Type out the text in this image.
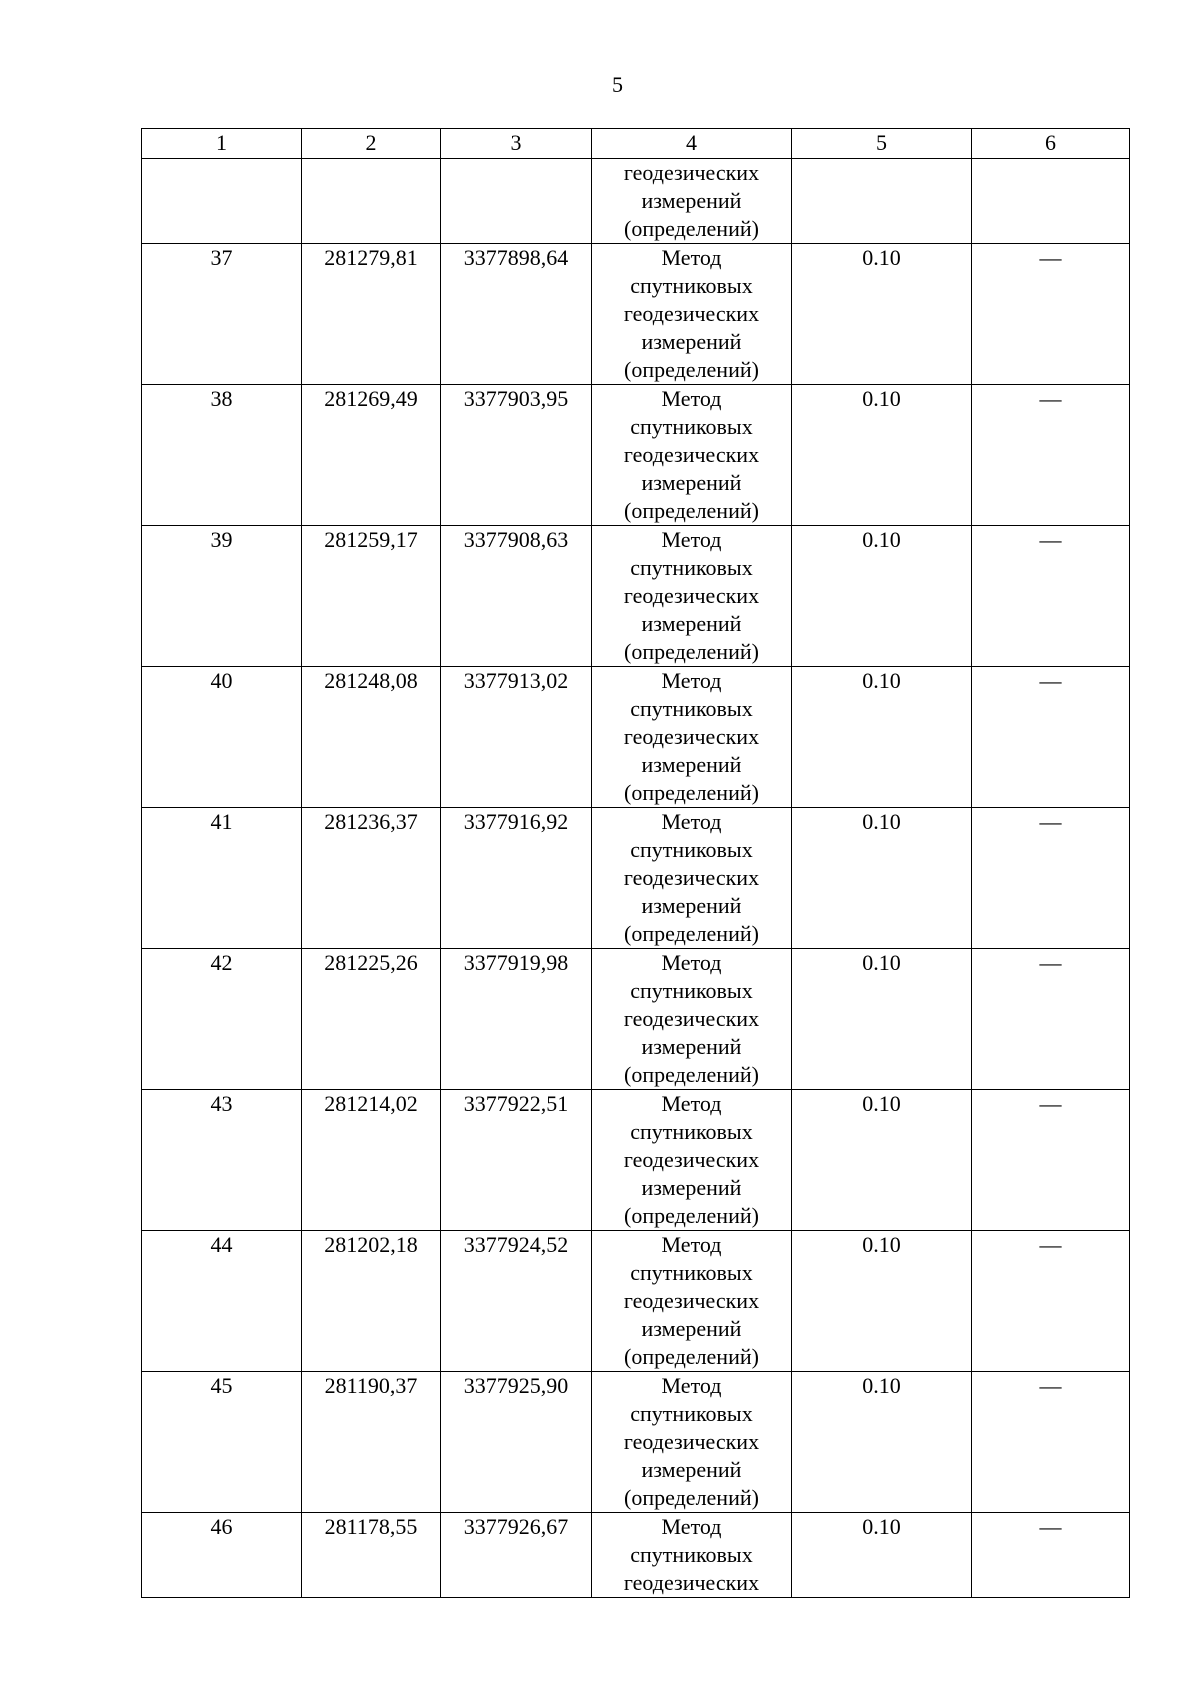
5
1	2	3	4	5	6

			геодезических
измерений
(определений)		

37	281279,81	3377898,64	Метод
спутниковых
геодезических
измерений
(определений)	0.10	—
38	281269,49	3377903,95	Метод
спутниковых
геодезических
измерений
(определений)	0.10	—
39	281259,17	3377908,63	Метод
спутниковых
геодезических
измерений
(определений)	0.10	—
40	281248,08	3377913,02	Метод
спутниковых
геодезических
измерений
(определений)	0.10	—
41	281236,37	3377916,92	Метод
спутниковых
геодезических
измерений
(определений)	0.10	—
42	281225,26	3377919,98	Метод
спутниковых
геодезических
измерений
(определений)	0.10	—
43	281214,02	3377922,51	Метод
спутниковых
геодезических
измерений
(определений)	0.10	—
44	281202,18	3377924,52	Метод
спутниковых
геодезических
измерений
(определений)	0.10	—
45	281190,37	3377925,90	Метод
спутниковых
геодезических
измерений
(определений)	0.10	—
46	281178,55	3377926,67	Метод
спутниковых
геодезических	0.10	—
